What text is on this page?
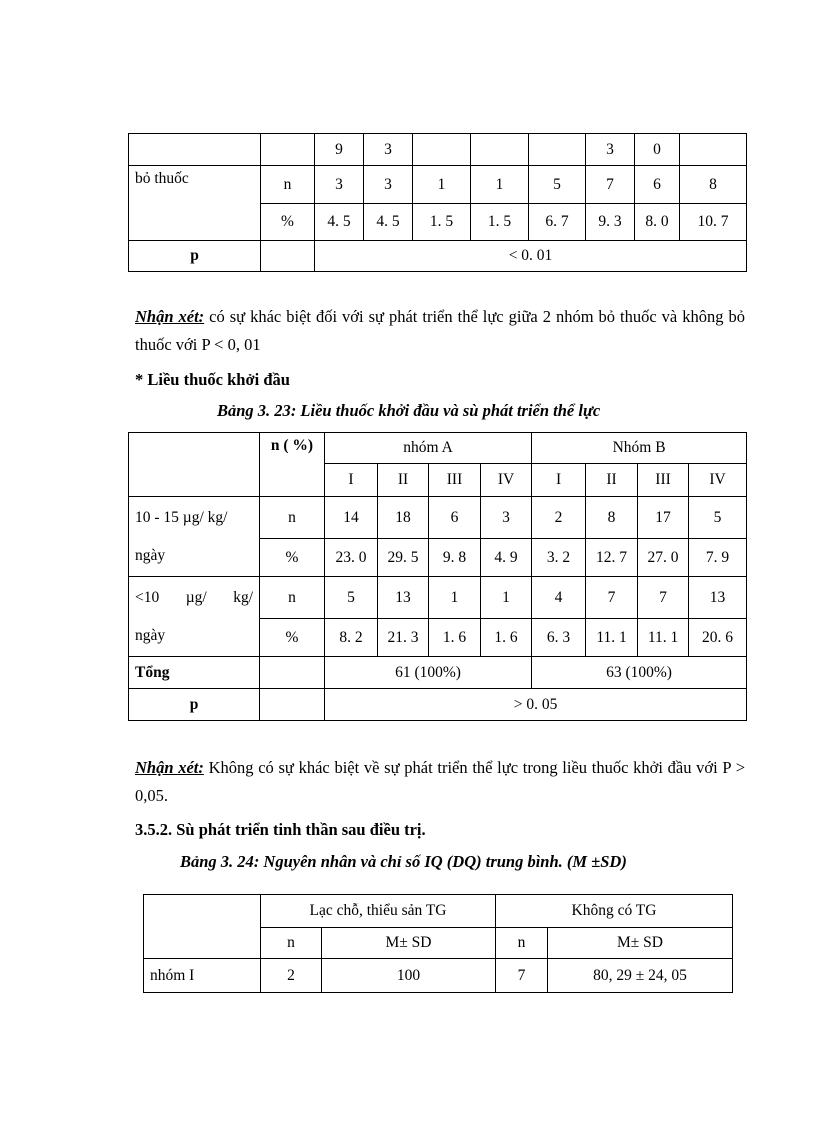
		9	3				3	0	
bỏ thuốc	n	3	3	1	1	5	7	6	8
	%	4. 5	4. 5	1. 5	1. 5	6. 7	9. 3	8. 0	10. 7
p		< 0. 01							
Nhận xét: có sự khác biệt đối với sự phát triển thể lực giữa 2 nhóm bỏ thuốc và không bỏ thuốc với P < 0, 01
* Liều thuốc khởi đầu
Bảng 3. 23: Liều thuốc khởi đầu và sù phát triển thể lực
	n ( %)	nhóm A				Nhóm B			
		I	II	III	IV	I	II	III	IV

10 - 15 µg/ kg/
ngày	n	14	18	6	3	2	8	17	5
	%	23. 0	29. 5	9. 8	4. 9	3. 2	12. 7	27. 0	7. 9

<10 µg/ kg/
ngày	n	5	13	1	1	4	7	7	13
	%	8. 2	21. 3	1. 6	1. 6	6. 3	11. 1	11. 1	20. 6
Tổng		61 (100%)				63 (100%)			
p		> 0. 05							
Nhận xét: Không có sự khác biệt về sự phát triển thể lực trong liều thuốc khởi đầu với P > 0,05.
3.5.2. Sù phát triển tinh thần sau điều trị.
Bảng 3. 24: Nguyên nhân và chỉ số IQ (DQ) trung bình. (M ±SD)
	Lạc chỗ, thiểu sản TG		Không có TG	
	n	M± SD	n	M± SD
nhóm I	2	100	7	80, 29 ± 24, 05
